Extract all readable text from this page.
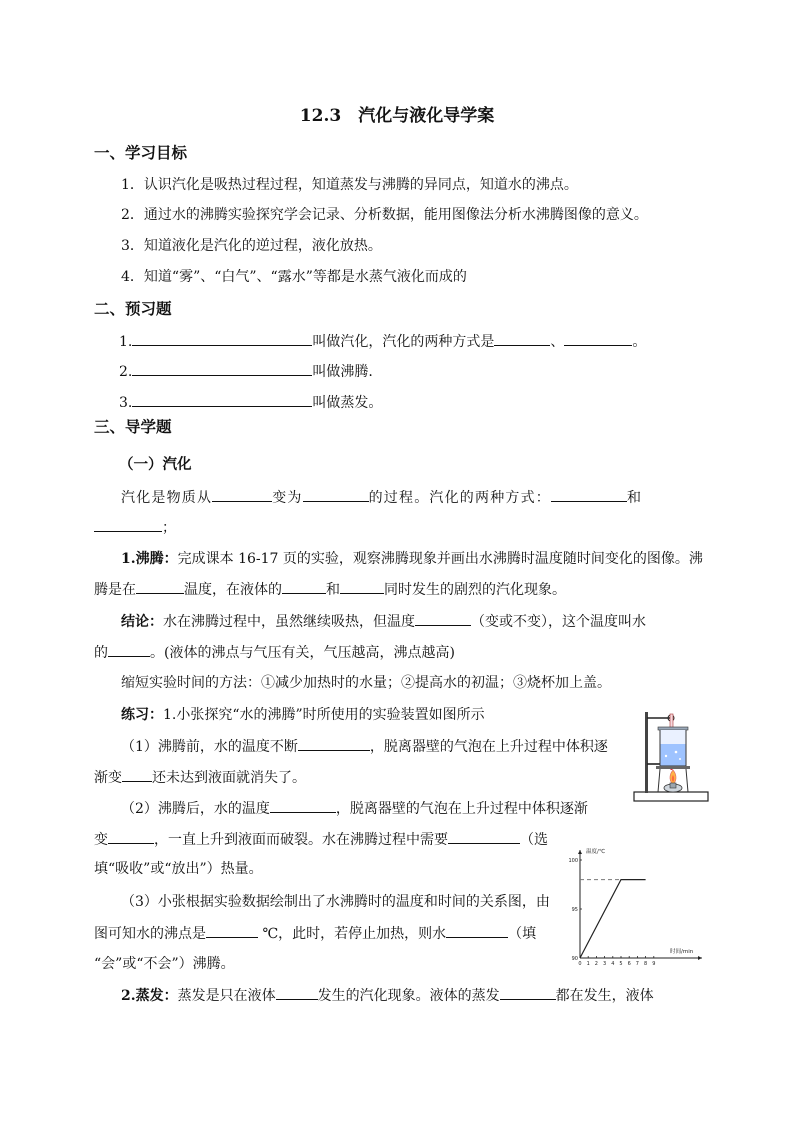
12.3　汽化与液化导学案
一、学习目标
1．认识汽化是吸热过程过程，知道蒸发与沸腾的异同点，知道水的沸点。
2．通过水的沸腾实验探究学会记录、分析数据，能用图像法分析水沸腾图像的意义。
3．知道液化是汽化的逆过程，液化放热。
4．知道“雾”、“白气”、“露水”等都是水蒸气液化而成的
二、预习题
1.	叫做汽化，汽化的两种方式是	、	。
2.	叫做沸腾.
3.	叫做蒸发。
三、导学题
（一）汽化
汽化是物质从	变为	的过程。汽化的两种方式：	和
；
1.沸腾：完成课本 16-17 页的实验，观察沸腾现象并画出水沸腾时温度随时间变化的图像。沸
腾是在	温度，在液体的	和	同时发生的剧烈的汽化现象。
结论：水在沸腾过程中，虽然继续吸热，但温度	（变或不变），这个温度叫水
的	。(液体的沸点与气压有关，气压越高，沸点越高)
缩短实验时间的方法：①减少加热时的水量；②提高水的初温；③烧杯加上盖。
练习：1.小张探究“水的沸腾”时所使用的实验装置如图所示
（1）沸腾前，水的温度不断	，脱离器壁的气泡在上升过程中体积逐
渐变 还未达到液面就消失了。
（2）沸腾后，水的温度	，脱离器壁的气泡在上升过程中体积逐渐
变	，一直上升到液面而破裂。水在沸腾过程中需要	（选
填“吸收”或“放出”）热量。
（3）小张根据实验数据绘制出了水沸腾时的温度和时间的关系图，由
图可知水的沸点是	℃，此时，若停止加热，则水	（填
“会”或“不会”）沸腾。
2.蒸发：蒸发是只在液体	发生的汽化现象。液体的蒸发	都在发生，液体
温度/℃
时间/min
90
95
100
0 1 2 3 4 5 6 7 8 9
